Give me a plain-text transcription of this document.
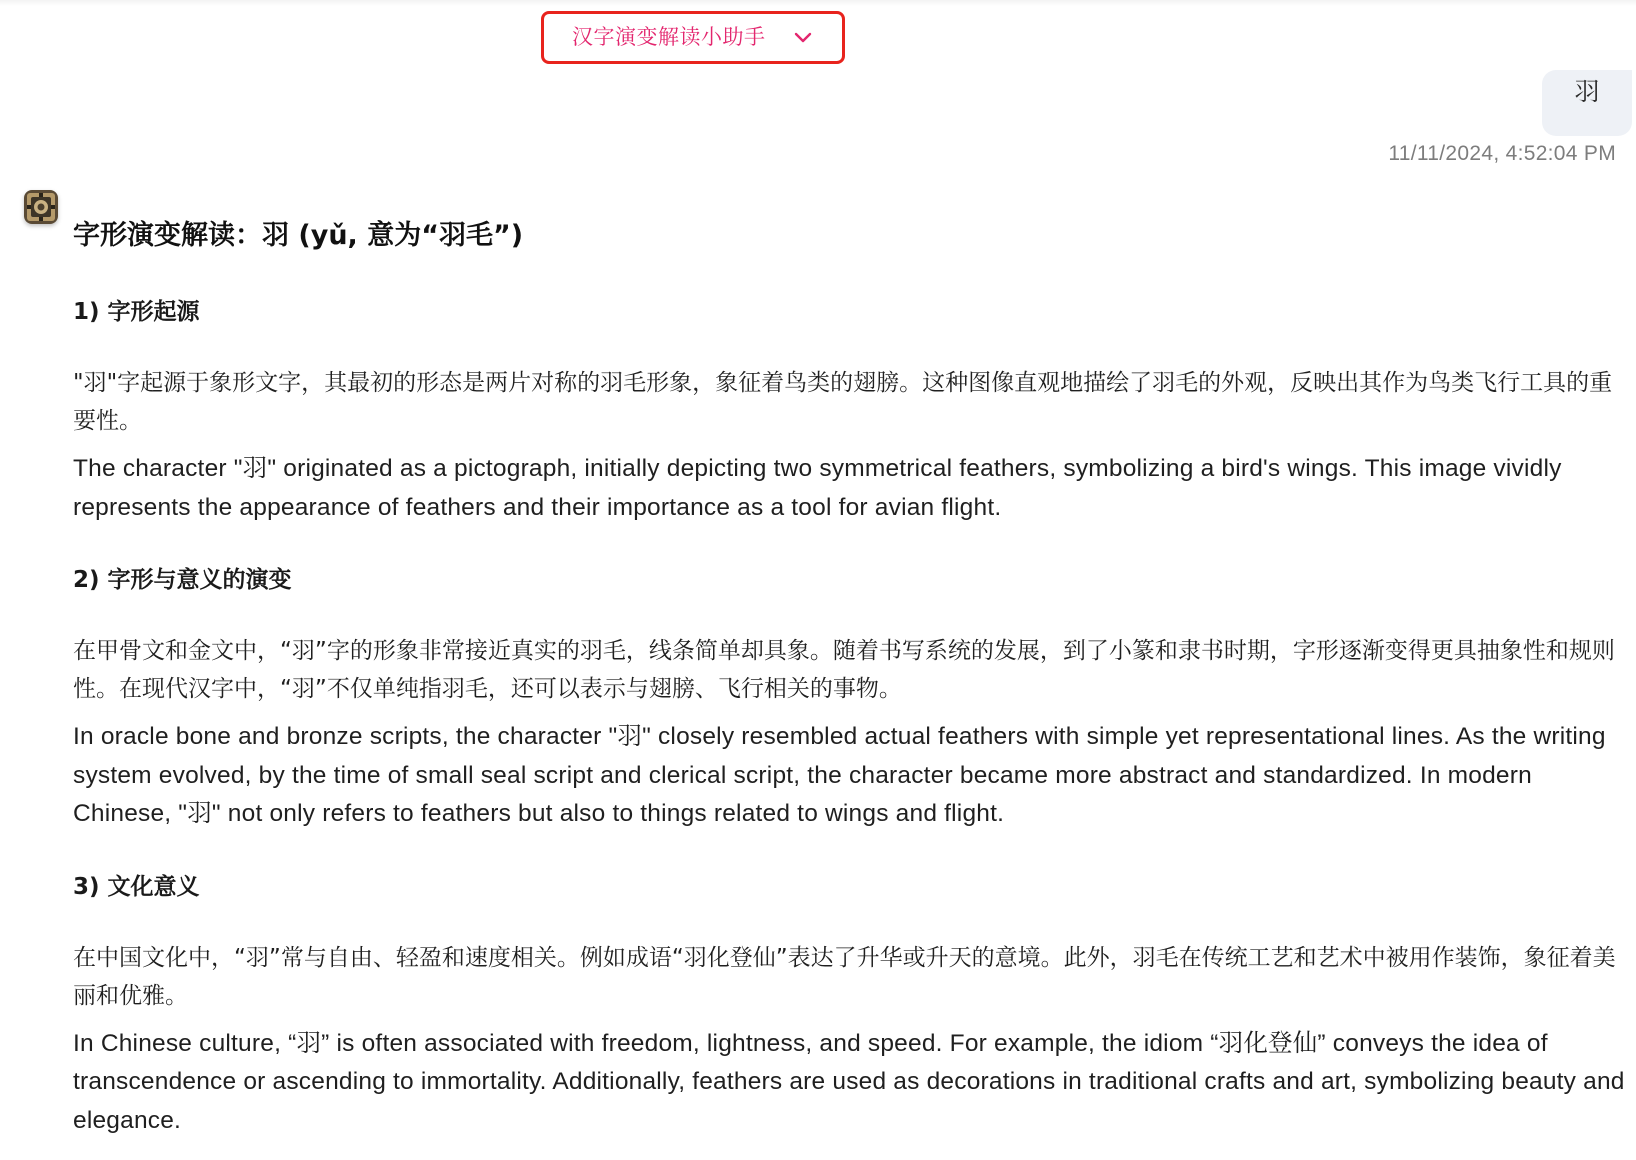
汉字演变解读小助手
羽
11/11/2024, 4:52:04 PM
字形演变解读：羽 (yǔ, 意为“羽毛”)

1) 字形起源

"羽"字起源于象形文字，其最初的形态是两片对称的羽毛形象，象征着鸟类的翅膀。这种图像直观地描绘了羽毛的外观，反映出其作为鸟类飞行工具的重要性。

The character "羽" originated as a pictograph, initially depicting two symmetrical feathers, symbolizing a bird's wings. This image vividly represents the appearance of feathers and their importance as a tool for avian flight.

2) 字形与意义的演变

在甲骨文和金文中，“羽”字的形象非常接近真实的羽毛，线条简单却具象。随着书写系统的发展，到了小篆和隶书时期，字形逐渐变得更具抽象性和规则性。在现代汉字中，“羽”不仅单纯指羽毛，还可以表示与翅膀、飞行相关的事物。

In oracle bone and bronze scripts, the character "羽" closely resembled actual feathers with simple yet representational lines. As the writing system evolved, by the time of small seal script and clerical script, the character became more abstract and standardized. In modern Chinese, "羽" not only refers to feathers but also to things related to wings and flight.

3) 文化意义

在中国文化中，“羽”常与自由、轻盈和速度相关。例如成语“羽化登仙”表达了升华或升天的意境。此外，羽毛在传统工艺和艺术中被用作装饰，象征着美丽和优雅。

In Chinese culture, “羽” is often associated with freedom, lightness, and speed. For example, the idiom “羽化登仙” conveys the idea of transcendence or ascending to immortality. Additionally, feathers are used as decorations in traditional crafts and art, symbolizing beauty and elegance.
